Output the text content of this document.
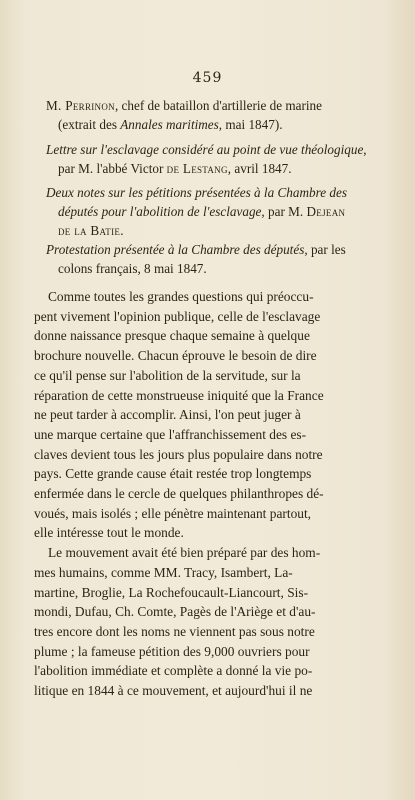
459
M. Perrinon, chef de bataillon d'artillerie de marine
(extrait des Annales maritimes, mai 1847).
Lettre sur l'esclavage considéré au point de vue théologique,
par M. l'abbé Victor de Lestang, avril 1847.
Deux notes sur les pétitions présentées à la Chambre des
députés pour l'abolition de l'esclavage, par M. Dejean
de la Batie.
Protestation présentée à la Chambre des députés, par les
colons français, 8 mai 1847.

Comme toutes les grandes questions qui préoccu-
pent vivement l'opinion publique, celle de l'esclavage
donne naissance presque chaque semaine à quelque
brochure nouvelle. Chacun éprouve le besoin de dire
ce qu'il pense sur l'abolition de la servitude, sur la
réparation de cette monstrueuse iniquité que la France
ne peut tarder à accomplir. Ainsi, l'on peut juger à
une marque certaine que l'affranchissement des es-
claves devient tous les jours plus populaire dans notre
pays. Cette grande cause était restée trop longtemps
enfermée dans le cercle de quelques philanthropes dé-
voués, mais isolés ; elle pénètre maintenant partout,
elle intéresse tout le monde.

Le mouvement avait été bien préparé par des hom-
mes humains, comme MM. Tracy, Isambert, La-
martine, Broglie, La Rochefoucault-Liancourt, Sis-
mondi, Dufau, Ch. Comte, Pagès de l'Ariège et d'au-
tres encore dont les noms ne viennent pas sous notre
plume ; la fameuse pétition des 9,000 ouvriers pour
l'abolition immédiate et complète a donné la vie po-
litique en 1844 à ce mouvement, et aujourd'hui il ne
